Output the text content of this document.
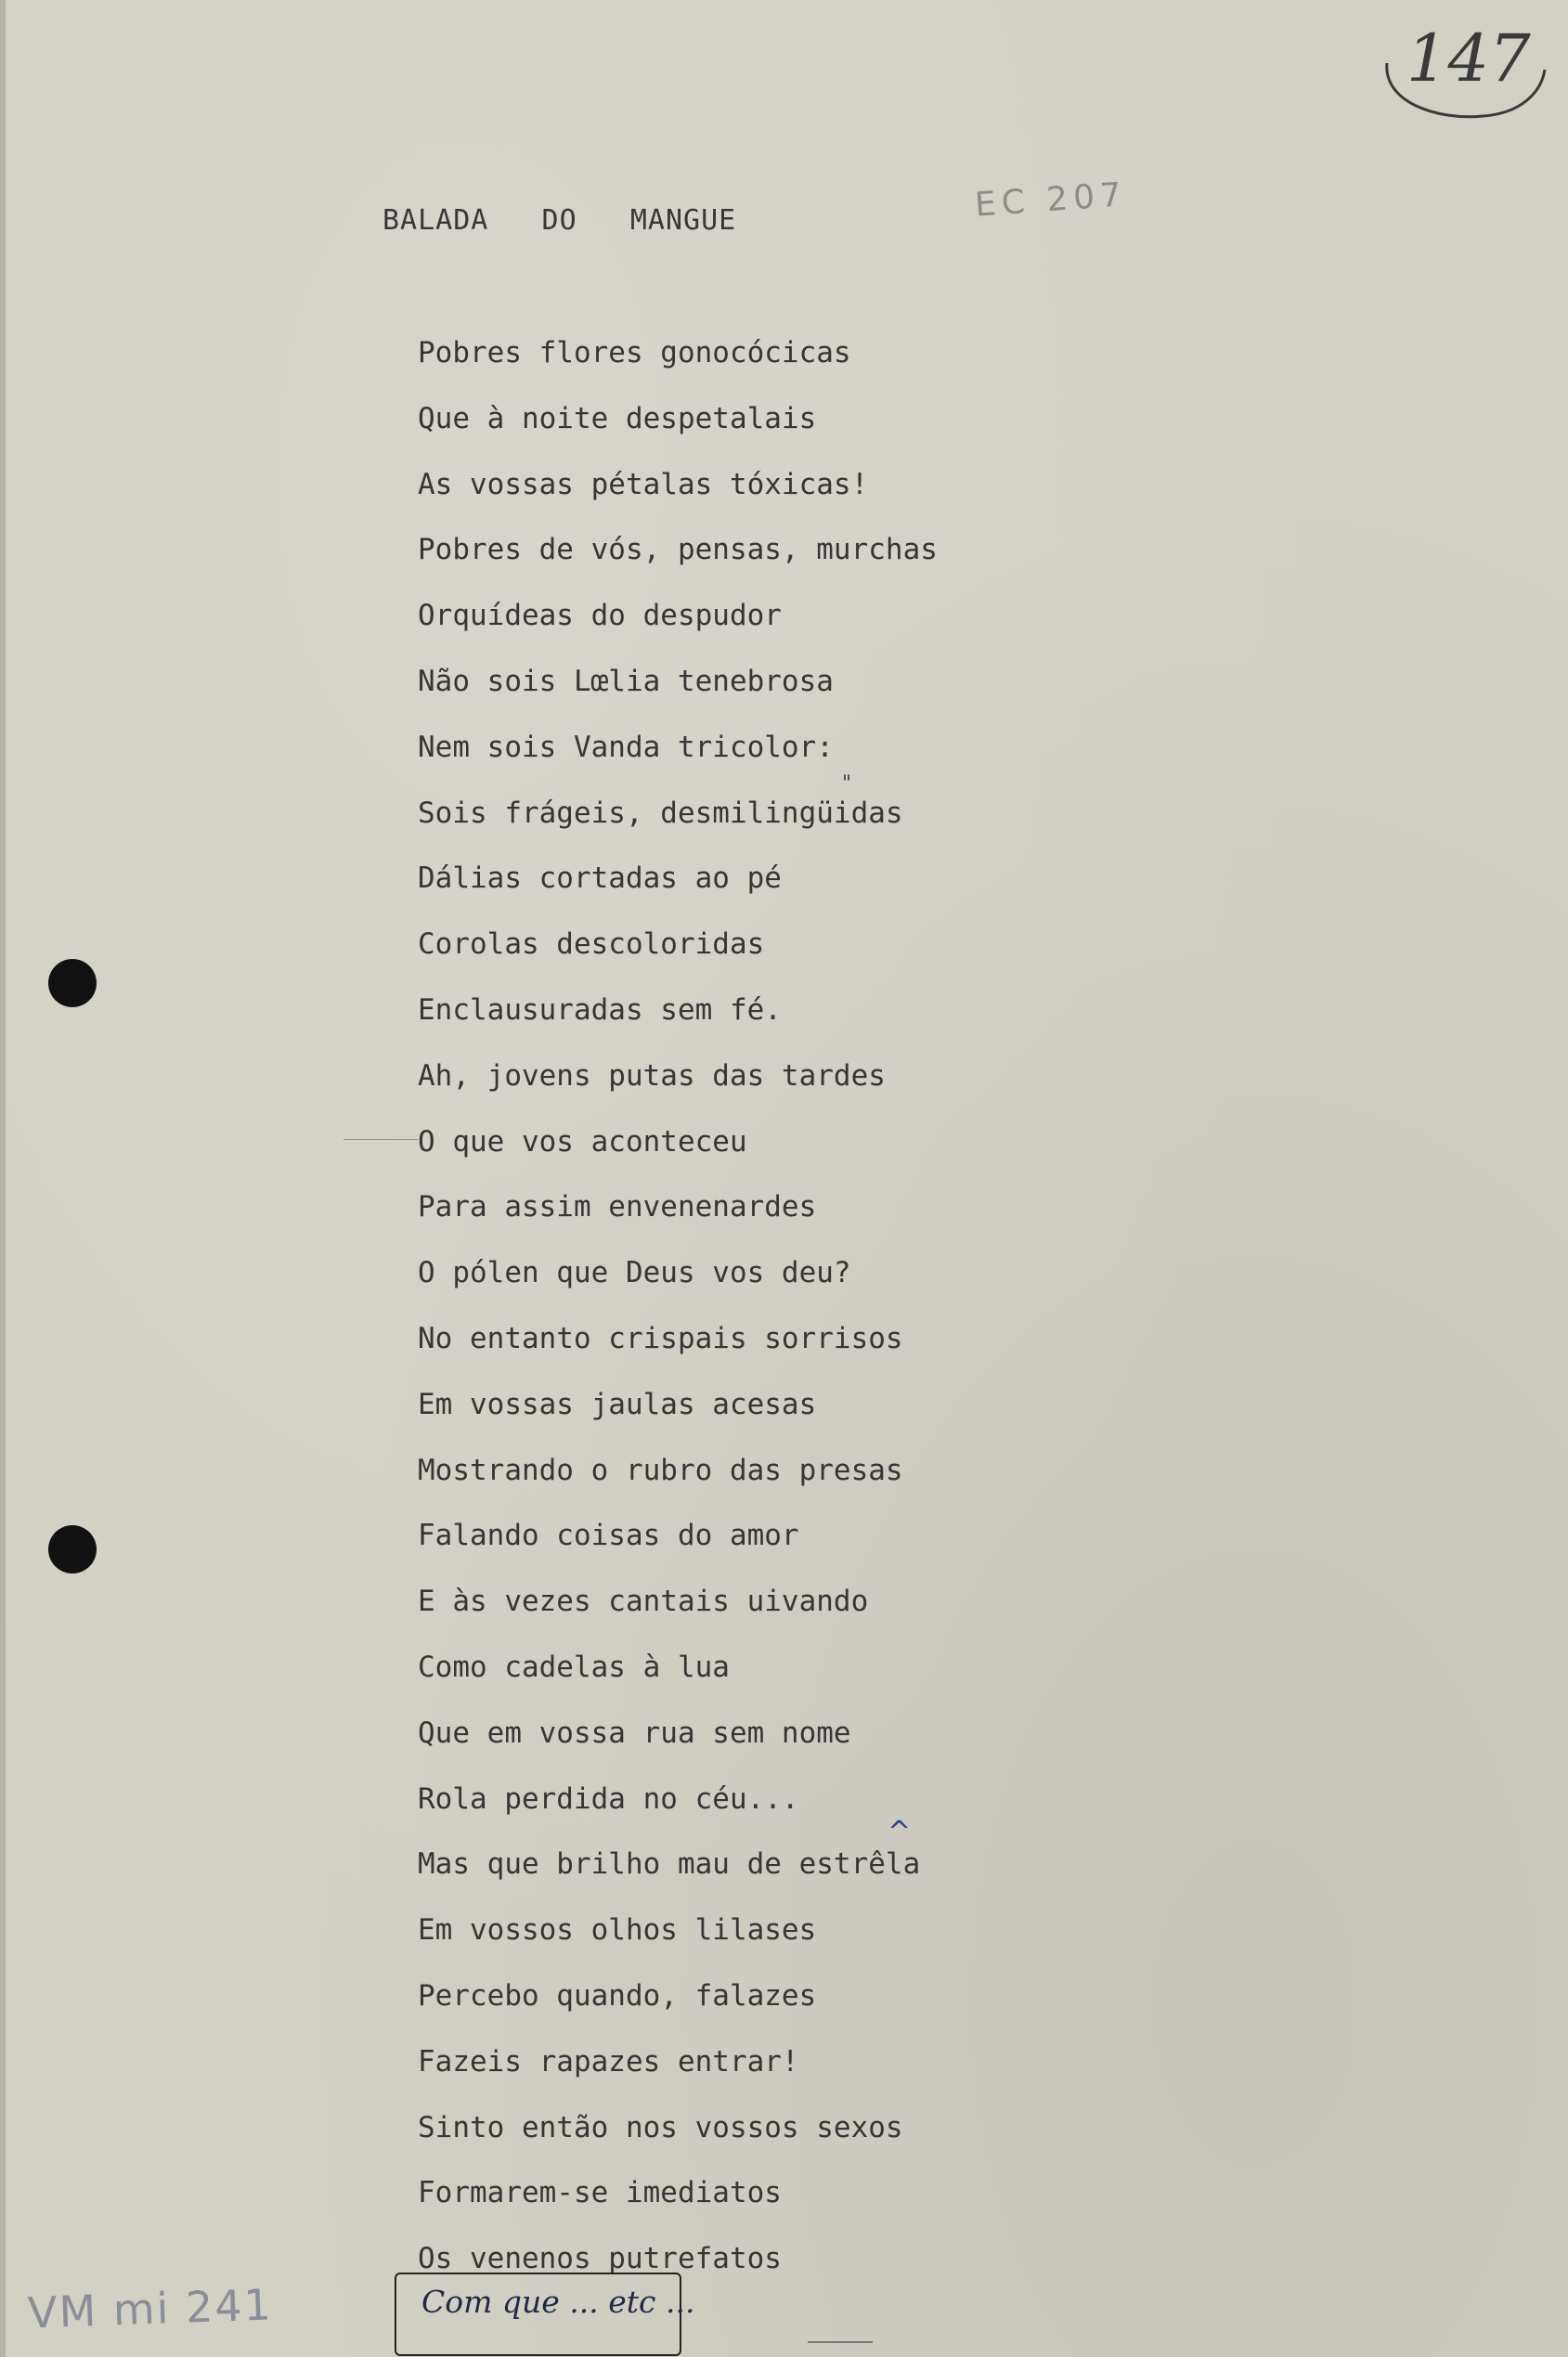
147
EC 207
BALADA   DO   MANGUE
Pobres flores gonocócicas
Que à noite despetalais
As vossas pétalas tóxicas!
Pobres de vós, pensas, murchas
Orquídeas do despudor
Não sois Lœlia tenebrosa
Nem sois Vanda tricolor:
Sois frágeis, desmilingüidas
Dálias cortadas ao pé
Corolas descoloridas
Enclausuradas sem fé.
Ah, jovens putas das tardes
O que vos aconteceu
Para assim envenenardes
O pólen que Deus vos deu?
No entanto crispais sorrisos
Em vossas jaulas acesas
Mostrando o rubro das presas
Falando coisas do amor
E às vezes cantais uivando
Como cadelas à lua
Que em vossa rua sem nome
Rola perdida no céu...
Mas que brilho mau de estrêla
Em vossos olhos lilases
Percebo quando, falazes
Fazeis rapazes entrar!
Sinto então nos vossos sexos
Formarem-se imediatos
Os venenos putrefatos
"
^
VM mi 241	Com que ... etc ...
